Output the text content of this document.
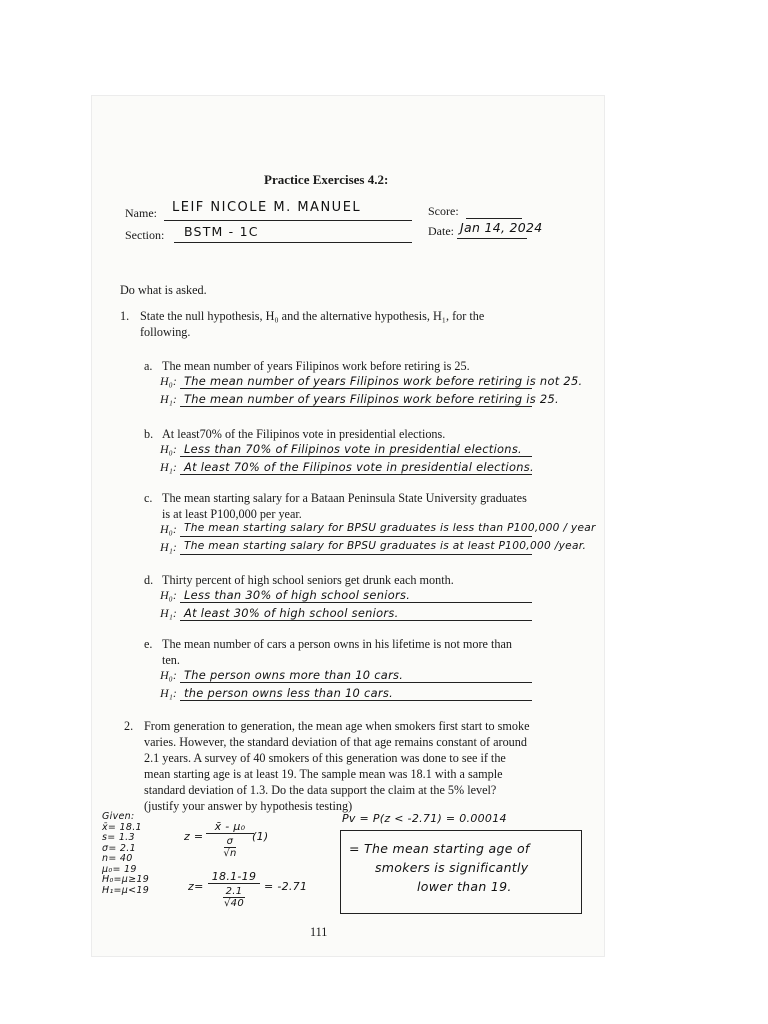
Practice Exercises 4.2:
Name: LEIF NICOLE M. MANUEL	Score:
Section: BSTM - 1C	Date: Jan 14, 2024
Do what is asked.
1. State the null hypothesis, H₀ and the alternative hypothesis, H₁, for the
following.
a. The mean number of years Filipinos work before retiring is 25.
H₀: The mean number of years Filipinos work before retiring is not 25.
H₁: The mean number of years Filipinos work before retiring is 25.
b. At least70% of the Filipinos vote in presidential elections.
H₀: Less than 70% of Filipinos vote in presidential elections.
H₁: At least 70% of the Filipinos vote in presidential elections.
c. The mean starting salary for a Bataan Peninsula State University graduates
is at least P100,000 per year.
H₀: The mean starting salary for BPSU graduates is less than P100,000 / year
H₁: The mean starting salary for BPSU graduates is at least P100,000 /year.
d. Thirty percent of high school seniors get drunk each month.
H₀: Less than 30% of high school seniors.
H₁: At least 30% of high school seniors.
e. The mean number of cars a person owns in his lifetime is not more than
ten.
H₀: The person owns more than 10 cars.
H₁: the person owns less than 10 cars.
2. From generation to generation, the mean age when smokers first start to smoke
varies. However, the standard deviation of that age remains constant of around
2.1 years. A survey of 40 smokers of this generation was done to see if the
mean starting age is at least 19. The sample mean was 18.1 with a sample
standard deviation of 1.3. Do the data support the claim at the 5% level?
(justify your answer by hypothesis testing)
Given:
x̄= 18.1
s= 1.3
σ= 2.1
n= 40
μ₀= 19
H₀=μ≥19
H₁=μ<19
z =
x̄ - μ₀
σ
√n
(1)
z=
18.1-19
2.1
√40
= -2.71
Pv = P(z < -2.71) = 0.00014
= The mean starting age of
smokers is significantly
lower than 19.
111
